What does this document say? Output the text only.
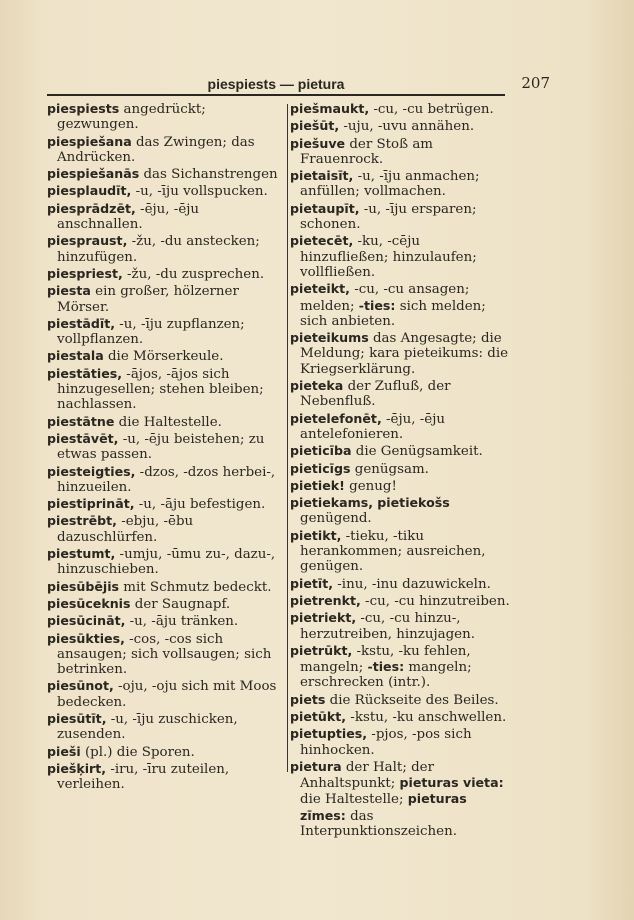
piespiests — pietura	207
piespiests angedrückt; gezwungen.
piespiešana das Zwingen; das Andrücken.
piespiešanās das Sichanstrengen
piesplaudīt, -u, -īju vollspucken.
piesprādzēt, -ēju, -ēju anschnallen.
piespraust, -žu, -du anstecken; hinzufügen.
piespriest, -žu, -du zusprechen.
piesta ein großer, hölzerner Mörser.
piestādīt, -u, -īju zupflanzen; vollpflanzen.
piestala die Mörserkeule.
piestāties, -ājos, -ājos sich hinzugesellen; stehen bleiben; nachlassen.
piestātne die Haltestelle.
piestāvēt, -u, -ēju beistehen; zu etwas passen.
piesteigties, -dzos, -dzos herbei-, hinzueilen.
piestiprināt, -u, -āju befestigen.
piestrēbt, -ebju, -ēbu dazuschlürfen.
piestumt, -umju, -ūmu zu-, dazu-, hinzuschieben.
piesūbējis mit Schmutz bedeckt.
piesūceknis der Saugnapf.
piesūcināt, -u, -āju tränken.
piesūkties, -cos, -cos sich ansaugen; sich vollsaugen; sich betrinken.
piesūnot, -oju, -oju sich mit Moos bedecken.
piesūtīt, -u, -īju zuschicken, zusenden.
pieši (pl.) die Sporen.
piešķirt, -iru, -īru zuteilen, verleihen.
piešmaukt, -cu, -cu betrügen.
piešūt, -uju, -uvu annähen.
piešuve der Stoß am Frauenrock.
pietaisīt, -u, -īju anmachen; anfüllen; vollmachen.
pietaupīt, -u, -īju ersparen; schonen.
pietecēt, -ku, -cēju hinzufließen; hinzulaufen; vollfließen.
pieteikt, -cu, -cu ansagen; melden; -ties: sich melden; sich anbieten.
pieteikums das Angesagte; die Meldung; kara pieteikums: die Kriegserklärung.
pieteka der Zufluß, der Nebenfluß.
pietelefonēt, -ēju, -ēju antelefonieren.
pieticība die Genügsamkeit.
pieticīgs genügsam.
pietiek! genug!
pietiekams, pietiekošs genügend.
pietikt, -tieku, -tiku herankommen; ausreichen, genügen.
pietīt, -inu, -inu dazuwickeln.
pietrenkt, -cu, -cu hinzutreiben.
pietriekt, -cu, -cu hinzu-, herzutreiben, hinzujagen.
pietrūkt, -kstu, -ku fehlen, mangeln; -ties: mangeln; erschrecken (intr.).
piets die Rückseite des Beiles.
pietūkt, -kstu, -ku anschwellen.
pietupties, -pjos, -pos sich hinhocken.
pietura der Halt; der Anhaltspunkt; pieturas vieta: die Haltestelle; pieturas zīmes: das Interpunktionszeichen.
